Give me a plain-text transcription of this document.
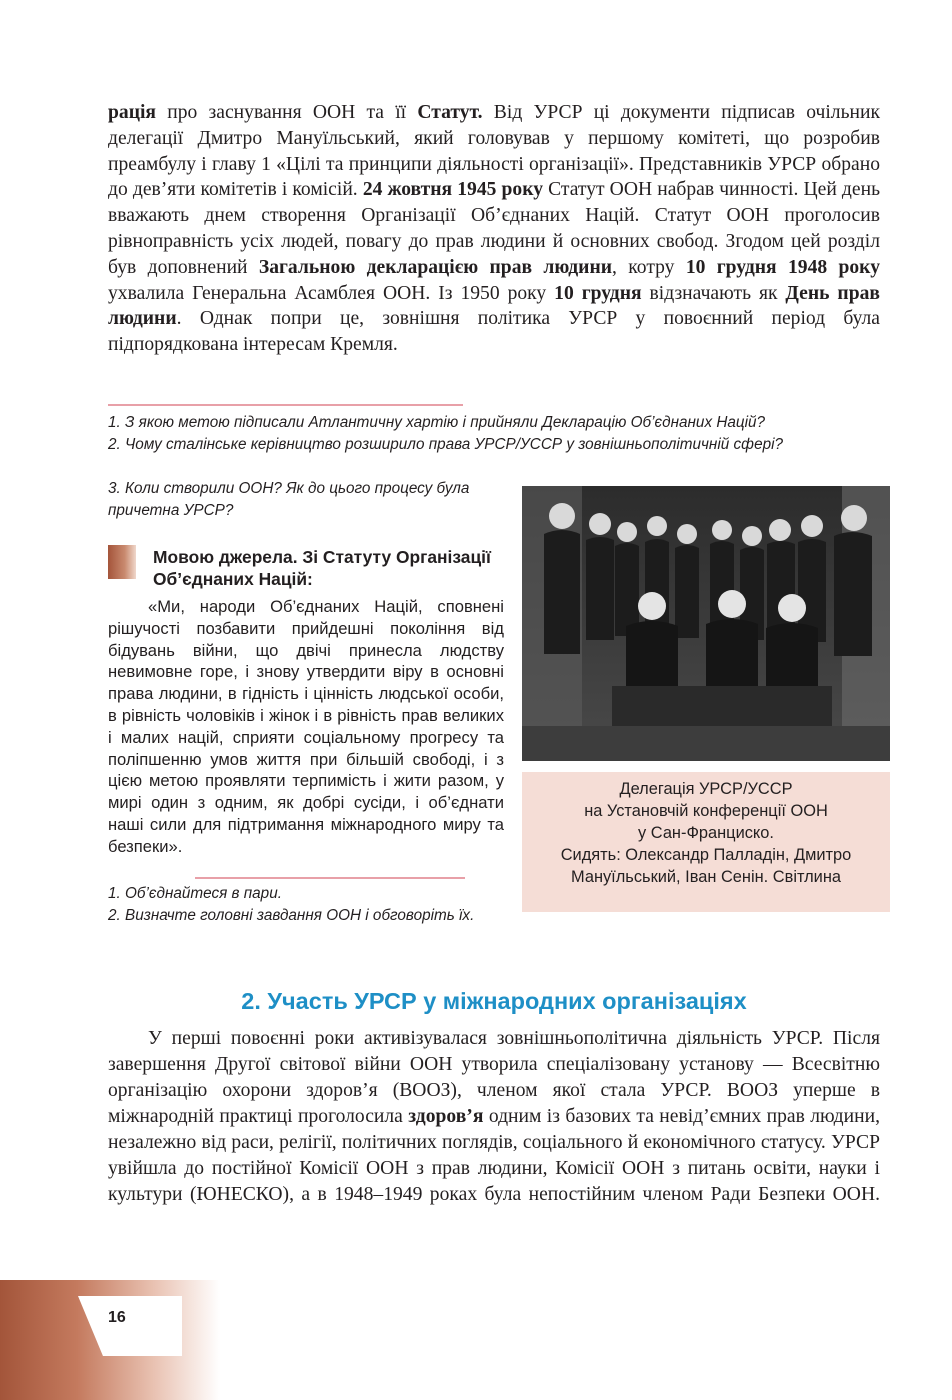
рація про заснування ООН та її Статут. Від УРСР ці документи підписав очільник делегації Дмитро Мануїльський, який головував у першому комітеті, що розробив преамбулу і главу 1 «Цілі та принципи діяльності організації». Представників УРСР обрано до дев’яти комітетів і комісій. 24 жовтня 1945 року Статут ООН набрав чинності. Цей день вважають днем створення Організації Об’єднаних Націй. Статут ООН проголосив рівноправність усіх людей, повагу до прав людини й основних свобод. Згодом цей розділ був доповнений Загальною декларацією прав людини, котру 10 грудня 1948 року ухвалила Генеральна Асамблея ООН. Із 1950 року 10 грудня відзначають як День прав людини. Однак попри це, зовнішня політика УРСР у повоєнний період була підпорядкована інтересам Кремля.

1. З якою метою підписали Атлантичну хартію і прийняли Декларацію Об’єднаних Націй?

2. Чому сталінське керівництво розширило права УРСР/УССР у зовнішньополітичній сфері?

3. Коли створили ООН? Як до цього процесу була причетна УРСР?

Мовою джерела. Зі Статуту Організації Об’єднаних Націй:

«Ми, народи Об’єднаних Націй, сповнені рішучості позбавити прийдешні покоління від бідувань війни, що двічі принесла людству невимовне горе, і знову утвердити віру в основні права людини, в гідність і цінність людської особи, в рівність чоловіків і жінок і в рівність прав великих і малих націй, сприяти соціальному прогресу та поліпшенню умов життя при більшій свободі, і з цією метою проявляти терпимість і жити разом, у мирі один з одним, як добрі сусіди, і об’єднати наші сили для підтримання міжнародного миру та безпеки».

1. Об’єднайтеся в пари.

2. Визначте головні завдання ООН і обговоріть їх.

Делегація УРСР/УССР
на Установчій конференції ООН
у Сан-Франциско.
Сидять: Олександр Палладін, Дмитро
Мануїльський, Іван Сенін. Світлина
2. Участь УРСР у міжнародних організаціях

У перші повоєнні роки активізувалася зовнішньополітична діяльність УРСР. Після завершення Другої світової війни ООН утворила спеціалізовану установу — Всесвітню організацію охорони здоров’я (ВООЗ), членом якої стала УРСР. ВООЗ уперше в міжнародній практиці проголосила здоров’я одним із базових та невід’ємних прав людини, незалежно від раси, релігії, політичних поглядів, соціального й економічного статусу. УРСР увійшла до постійної Комісії ООН з прав людини, Комісії ООН з питань освіти, науки і культури (ЮНЕСКО), а в 1948–1949 роках була непостійним членом Ради Безпеки ООН.

16
